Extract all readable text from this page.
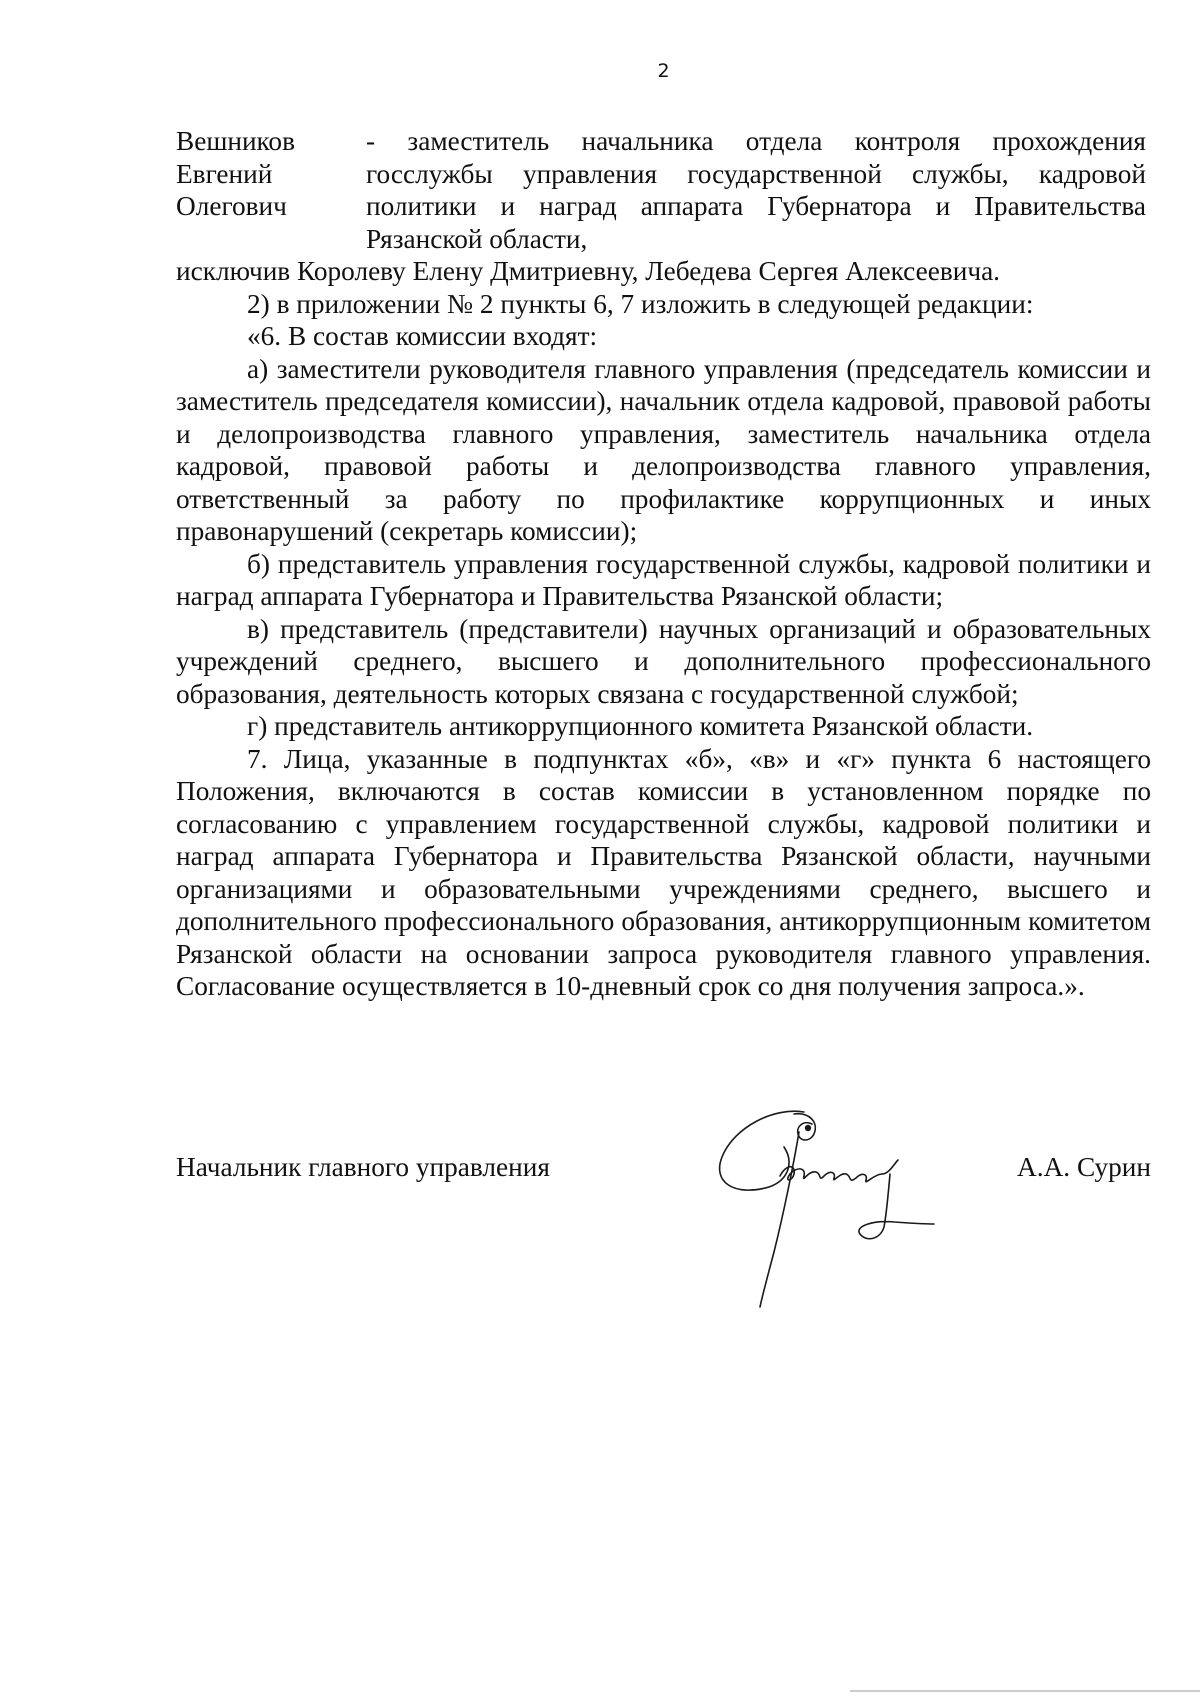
2
Вешников
Евгений
Олегович
- заместитель начальника отдела контроля прохождения госслужбы управления государственной службы, кадровой политики и наград аппарата Губернатора и Правительства Рязанской области,

исключив Королеву Елену Дмитриевну, Лебедева Сергея Алексеевича.

2) в приложении № 2 пункты 6, 7 изложить в следующей редакции:

«6. В состав комиссии входят:

а) заместители руководителя главного управления (председатель комиссии и заместитель председателя комиссии), начальник отдела кадровой, правовой работы и делопроизводства главного управления, заместитель начальника отдела кадровой, правовой работы и делопроизводства главного управления, ответственный за работу по профилактике коррупционных и иных правонарушений (секретарь комиссии);

б) представитель управления государственной службы, кадровой политики и наград аппарата Губернатора и Правительства Рязанской области;

в) представитель (представители) научных организаций и образовательных учреждений среднего, высшего и дополнительного профессионального образования, деятельность которых связана с государственной службой;

г) представитель антикоррупционного комитета Рязанской области.

7. Лица, указанные в подпунктах «б», «в» и «г» пункта 6 настоящего Положения, включаются в состав комиссии в установленном порядке по согласованию с управлением государственной службы, кадровой политики и наград аппарата Губернатора и Правительства Рязанской области, научными организациями и образовательными учреждениями среднего, высшего и дополнительного профессионального образования, антикоррупционным комитетом Рязанской области на основании запроса руководителя главного управления. Согласование осуществляется в 10-дневный срок со дня получения запроса.».

Начальник главного управления	А.А. Сурин
